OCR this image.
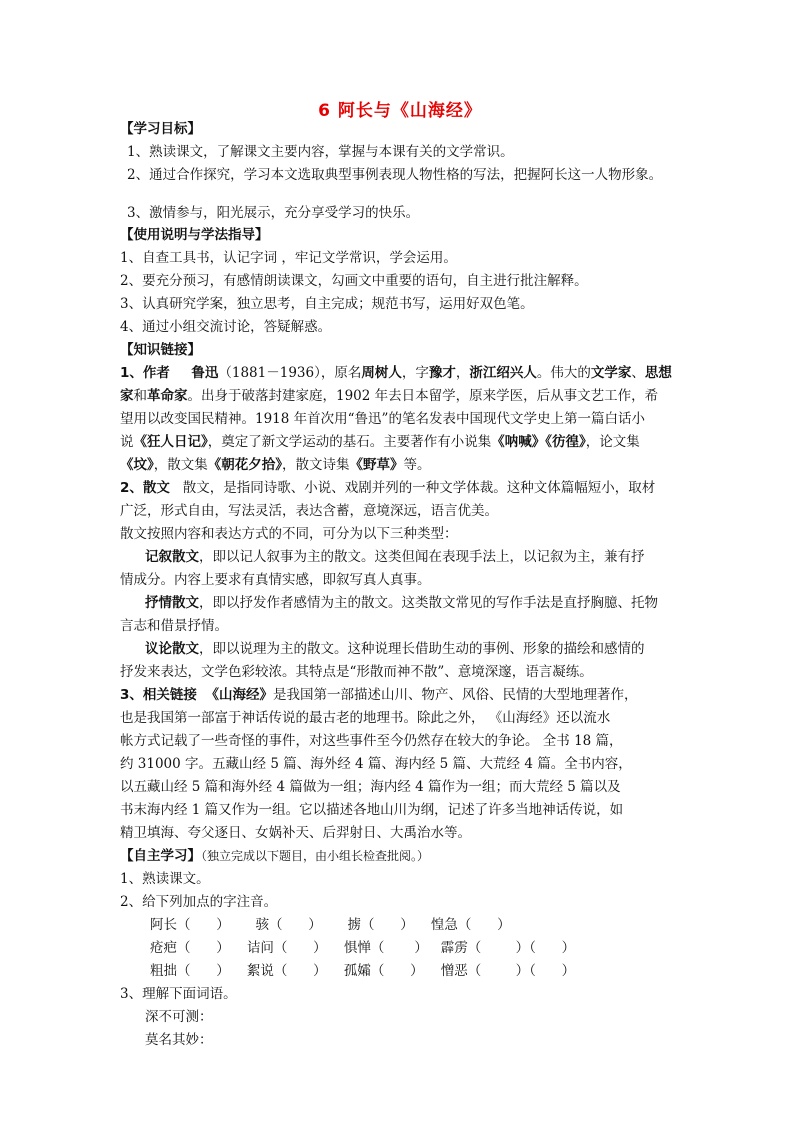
6 阿长与《山海经》
【学习目标】
1、熟读课文，了解课文主要内容，掌握与本课有关的文学常识。
2、通过合作探究，学习本文选取典型事例表现人物性格的写法，把握阿长这一人物形象。
3、激情参与，阳光展示，充分享受学习的快乐。
【使用说明与学法指导】
1、自查工具书，认记字词 ，牢记文学常识，学会运用。
2、要充分预习，有感情朗读课文，勾画文中重要的语句，自主进行批注解释。
3、认真研究学案，独立思考，自主完成；规范书写，运用好双色笔。
4、通过小组交流讨论，答疑解惑。
【知识链接】
1、作者 鲁迅（1881－1936），原名周树人，字豫才，浙江绍兴人。伟大的文学家、思想
家和革命家。出身于破落封建家庭，1902 年去日本留学，原来学医，后从事文艺工作，希
望用以改变国民精神。1918 年首次用“鲁迅”的笔名发表中国现代文学史上第一篇白话小
说《狂人日记》，奠定了新文学运动的基石。主要著作有小说集《呐喊》《彷徨》，论文集
《坟》，散文集《朝花夕拾》，散文诗集《野草》等。
2、散文 散文，是指同诗歌、小说、戏剧并列的一种文学体裁。这种文体篇幅短小，取材
广泛，形式自由，写法灵活，表达含蓄，意境深远，语言优美。
散文按照内容和表达方式的不同，可分为以下三种类型：
记叙散文，即以记人叙事为主的散文。这类但闻在表现手法上，以记叙为主，兼有抒
情成分。内容上要求有真情实感，即叙写真人真事。
抒情散文，即以抒发作者感情为主的散文。这类散文常见的写作手法是直抒胸臆、托物
言志和借景抒情。
议论散文，即以说理为主的散文。这种说理长借助生动的事例、形象的描绘和感情的
抒发来表达，文学色彩较浓。其特点是“形散而神不散”、意境深邃，语言凝练。
3、相关链接 《山海经》是我国第一部描述山川、物产、风俗、民情的大型地理著作，
也是我国第一部富于神话传说的最古老的地理书。除此之外， 《山海经》还以流水
帐方式记载了一些奇怪的事件，对这些事件至今仍然存在较大的争论。 全书 18 篇，
约 31000 字。五藏山经 5 篇、海外经 4 篇、海内经 5 篇、大荒经 4 篇。全书内容，
以五藏山经 5 篇和海外经 4 篇做为一组；海内经 4 篇作为一组；而大荒经 5 篇以及
书末海内经 1 篇又作为一组。它以描述各地山川为纲，记述了许多当地神话传说，如
精卫填海、夸父逐日、女娲补天、后羿射日、大禹治水等。
【自主学习】（独立完成以下题目，由小组长检查批阅。）
1、熟读课文。
2、给下列加点的字注音。
阿长（      ）      骇（      ）      掳（      ）    惶急（      ）
疮疤（      ）    诘问（      ）    惧惮（       ）   霹雳（        ）（      ）
粗拙（      ）    絮说（      ）    孤孀（      ）    憎恶（        ）（      ）
3、理解下面词语。
深不可测：
莫名其妙：
